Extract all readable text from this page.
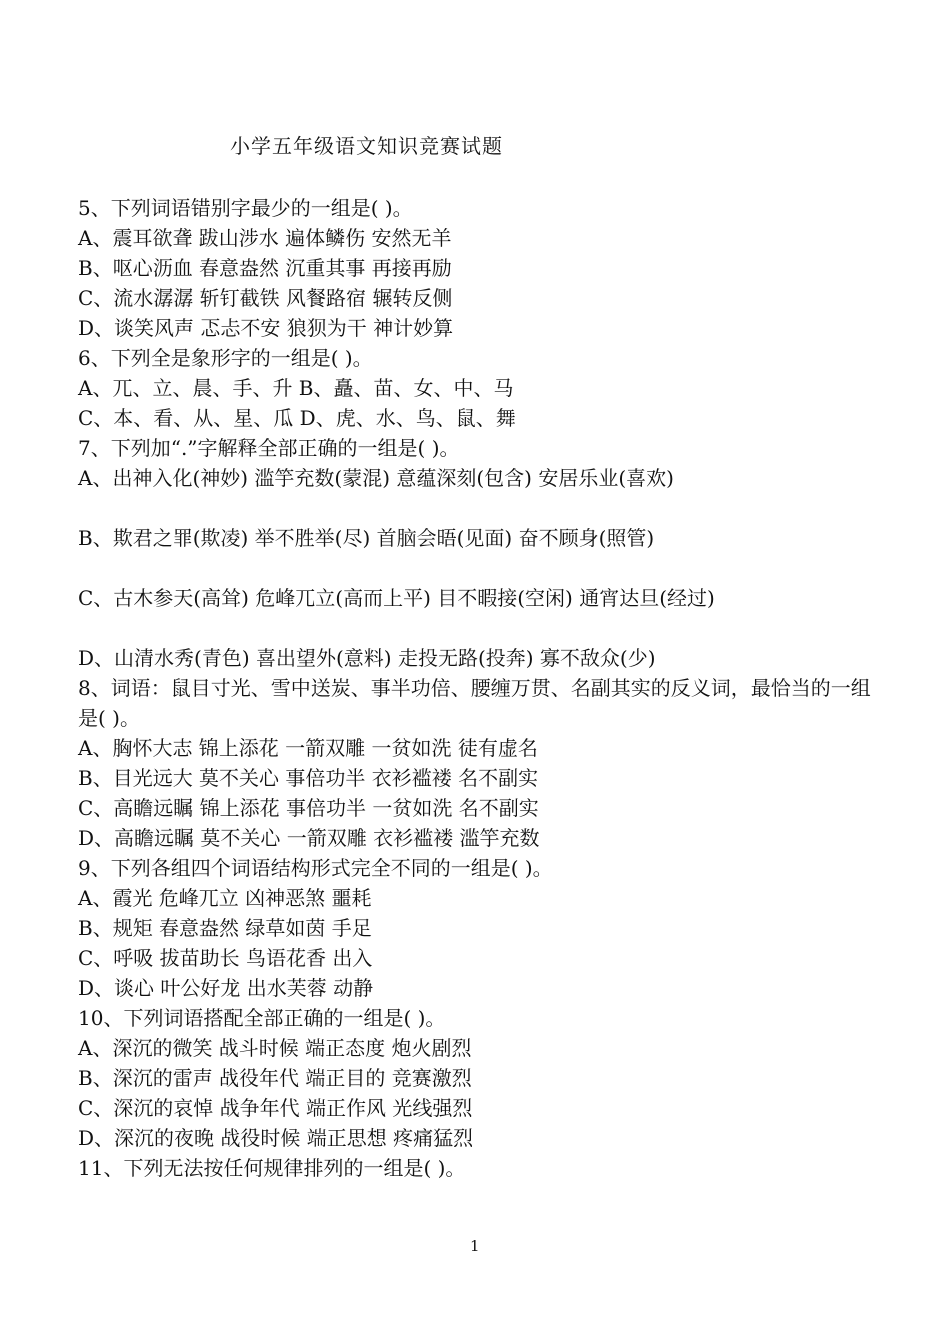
小学五年级语文知识竞赛试题
5、下列词语错别字最少的一组是( )。
A、震耳欲聋 跋山涉水 遍体鳞伤 安然无羊
B、呕心沥血 春意盎然 沉重其事 再接再励
C、流水潺潺 斩钉截铁 风餐路宿 辗转反侧
D、谈笑风声 忑忐不安 狼狈为干 神计妙算
6、下列全是象形字的一组是( )。
A、兀、立、晨、手、升 B、矗、苗、女、中、马
C、本、看、从、星、瓜 D、虎、水、鸟、鼠、舞
7、下列加“.”字解释全部正确的一组是( )。
A、出神入化(神妙) 滥竽充数(蒙混) 意蕴深刻(包含) 安居乐业(喜欢)
B、欺君之罪(欺凌) 举不胜举(尽) 首脑会晤(见面) 奋不顾身(照管)
C、古木参天(高耸) 危峰兀立(高而上平) 目不暇接(空闲) 通宵达旦(经过)
D、山清水秀(青色) 喜出望外(意料) 走投无路(投奔) 寡不敌众(少)
8、词语：鼠目寸光、雪中送炭、事半功倍、腰缠万贯、名副其实的反义词，最恰当的一组是( )。
A、胸怀大志 锦上添花 一箭双雕 一贫如洗 徒有虚名
B、目光远大 莫不关心 事倍功半 衣衫褴褛 名不副实
C、高瞻远瞩 锦上添花 事倍功半 一贫如洗 名不副实
D、高瞻远瞩 莫不关心 一箭双雕 衣衫褴褛 滥竽充数
9、下列各组四个词语结构形式完全不同的一组是( )。
A、霞光 危峰兀立 凶神恶煞 噩耗
B、规矩 春意盎然 绿草如茵 手足
C、呼吸 拔苗助长 鸟语花香 出入
D、谈心 叶公好龙 出水芙蓉 动静
10、下列词语搭配全部正确的一组是( )。
A、深沉的微笑 战斗时候 端正态度 炮火剧烈
B、深沉的雷声 战役年代 端正目的 竞赛激烈
C、深沉的哀悼 战争年代 端正作风 光线强烈
D、深沉的夜晚 战役时候 端正思想 疼痛猛烈
11、下列无法按任何规律排列的一组是( )。
1
